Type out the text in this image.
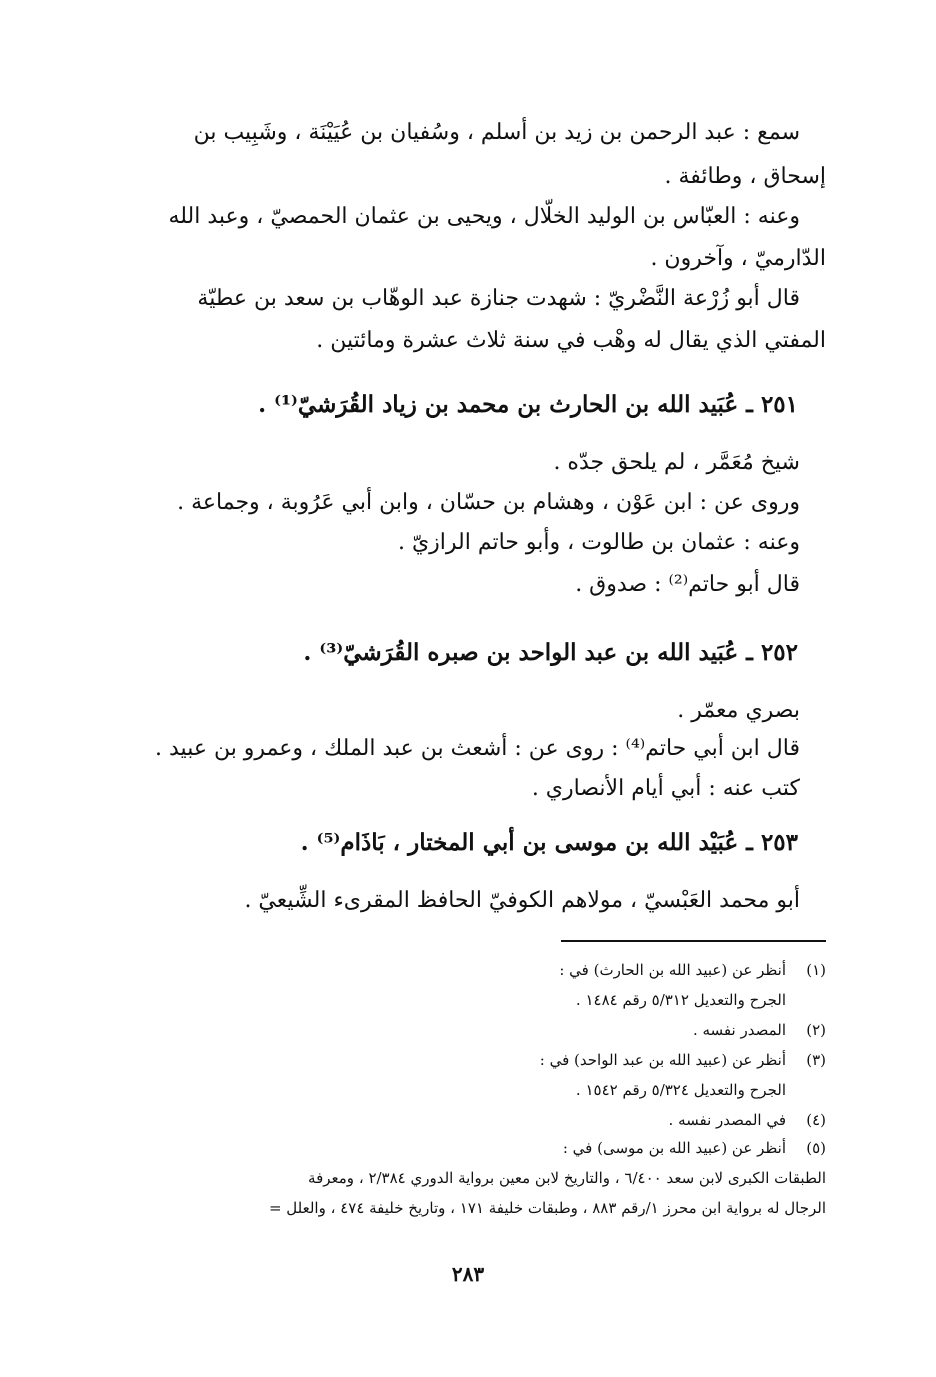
سمع : عبد الرحمن بن زيد بن أسلم ، وسُفيان بن عُيَيْنَة ، وشَبِيب بن

إسحاق ، وطائفة .

وعنه : العبّاس بن الوليد الخلّال ، ويحيى بن عثمان الحمصيّ ، وعبد الله

الدّارميّ ، وآخرون .

قال أبو زُرْعة النَّضْريّ : شهدت جنازة عبد الوهّاب بن سعد بن عطيّة

المفتي الذي يقال له وهْب في سنة ثلاث عشرة ومائتين .

٢٥١ ـ عُبَيد الله بن الحارث بن محمد بن زياد القُرَشيّ⁽¹⁾ .

شيخ مُعَمَّر ، لم يلحق جدّه .

وروى عن : ابن عَوْن ، وهشام بن حسّان ، وابن أبي عَرُوبة ، وجماعة .

وعنه : عثمان بن طالوت ، وأبو حاتم الرازيّ .

قال أبو حاتم⁽²⁾ : صدوق .

٢٥٢ ـ عُبَيد الله بن عبد الواحد بن صبره القُرَشيّ⁽³⁾ .

بصري معمّر .

قال ابن أبي حاتم⁽⁴⁾ : روى عن : أشعث بن عبد الملك ، وعمرو بن عبيد .

كتب عنه : أبي أيام الأنصاري .

٢٥٣ ـ عُبَيْد الله بن موسى بن أبي المختار ، بَاذَام⁽⁵⁾ .

أبو محمد العَبْسيّ ، مولاهم الكوفيّ الحافظ المقرىء الشِّيعيّ .

(١)
أنظر عن (عبيد الله بن الحارث) في :
الجرح والتعديل ٥/٣١٢ رقم ١٤٨٤ .
(٢)
المصدر نفسه .
(٣)
أنظر عن (عبيد الله بن عبد الواحد) في :
الجرح والتعديل ٥/٣٢٤ رقم ١٥٤٢ .
(٤)
في المصدر نفسه .
(٥)
أنظر عن (عبيد الله بن موسى) في :
الطبقات الكبرى لابن سعد ٦/٤٠٠ ، والتاريخ لابن معين برواية الدوري ٢/٣٨٤ ، ومعرفة
الرجال له برواية ابن محرز ١/رقم ٨٨٣ ، وطبقات خليفة ١٧١ ، وتاريخ خليفة ٤٧٤ ، والعلل =
٢٨٣
